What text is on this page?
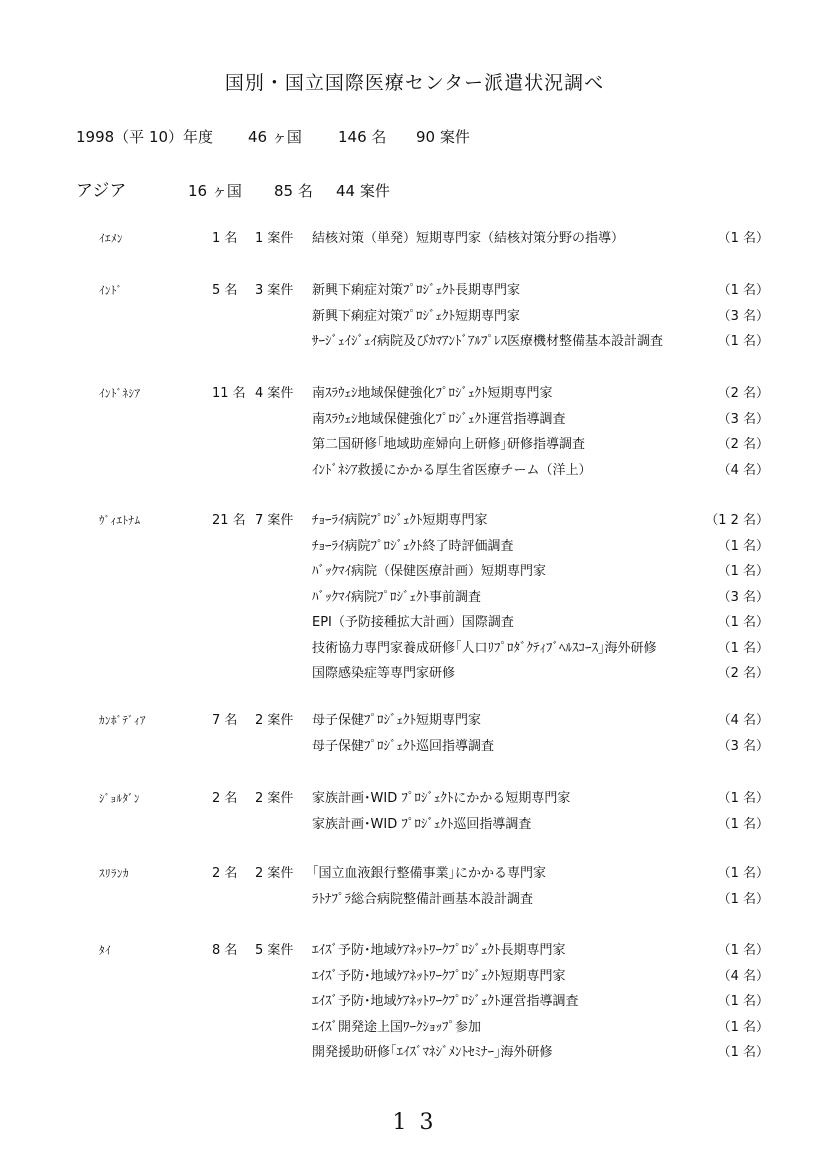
国別・国立国際医療センター派遣状況調べ
1998（平 10）年度 46 ヶ国 146 名 90 案件
アジア	16 ヶ国 85 名 44 案件
ｲｴﾒﾝ	1 名	1 案件 結核対策（単発）短期専門家（結核対策分野の指導）	（1 名）
ｲﾝﾄﾞ	5 名	3 案件 新興下痢症対策ﾌﾟﾛｼﾞｪｸﾄ長期専門家	（1 名）
新興下痢症対策ﾌﾟﾛｼﾞｪｸﾄ短期専門家	（3 名）
ｻｰｼﾞｪｲｼﾞｪｲ病院及びｶﾏｱﾝﾄﾞｱﾙﾌﾟﾚｽ医療機材整備基本設計調査	（1 名）
ｲﾝﾄﾞﾈｼｱ	11 名 4 案件 南ｽﾗｳｪｼ地域保健強化ﾌﾟﾛｼﾞｪｸﾄ短期専門家	（2 名）
南ｽﾗｳｪｼ地域保健強化ﾌﾟﾛｼﾞｪｸﾄ運営指導調査	（3 名）
第二国研修｢地域助産婦向上研修｣研修指導調査	（2 名）
ｲﾝﾄﾞﾈｼｱ救援にかかる厚生省医療チーム（洋上）	（4 名）
ｳﾞｨｴﾄﾅﾑ	21 名 7 案件 ﾁｮｰﾗｲ病院ﾌﾟﾛｼﾞｪｸﾄ短期専門家	（1 2 名）
ﾁｮｰﾗｲ病院ﾌﾟﾛｼﾞｪｸﾄ終了時評価調査	（1 名）
ﾊﾞｯｸﾏｲ病院（保健医療計画）短期専門家	（1 名）
ﾊﾞｯｸﾏｲ病院ﾌﾟﾛｼﾞｪｸﾄ事前調査	（3 名）
EPI（予防接種拡大計画）国際調査	（1 名）
技術協力専門家養成研修｢人口ﾘﾌﾟﾛﾀﾞｸﾃｨﾌﾞﾍﾙｽｺｰｽ｣海外研修	（1 名）
国際感染症等専門家研修	（2 名）
ｶﾝﾎﾞﾃﾞｨｱ	7 名	2 案件 母子保健ﾌﾟﾛｼﾞｪｸﾄ短期専門家	（4 名）
母子保健ﾌﾟﾛｼﾞｪｸﾄ巡回指導調査	（3 名）
ｼﾞｮﾙﾀﾞﾝ	2 名	2 案件 家族計画･WID ﾌﾟﾛｼﾞｪｸﾄにかかる短期専門家	（1 名）
家族計画･WID ﾌﾟﾛｼﾞｪｸﾄ巡回指導調査	（1 名）
ｽﾘﾗﾝｶ	2 名	2 案件 ｢国立血液銀行整備事業｣にかかる専門家	（1 名）
ﾗﾄﾅﾌﾟﾗ総合病院整備計画基本設計調査	（1 名）
ﾀｲ	8 名	5 案件 ｴｲｽﾞ予防･地域ｹｱﾈｯﾄﾜｰｸﾌﾟﾛｼﾞｪｸﾄ長期専門家	（1 名）
ｴｲｽﾞ予防･地域ｹｱﾈｯﾄﾜｰｸﾌﾟﾛｼﾞｪｸﾄ短期専門家	（4 名）
ｴｲｽﾞ予防･地域ｹｱﾈｯﾄﾜｰｸﾌﾟﾛｼﾞｪｸﾄ運営指導調査	（1 名）
ｴｲｽﾞ開発途上国ﾜｰｸｼｮｯﾌﾟ参加	（1 名）
開発援助研修｢ｴｲｽﾞﾏﾈｼﾞﾒﾝﾄｾﾐﾅｰ｣海外研修	（1 名）
1 3
